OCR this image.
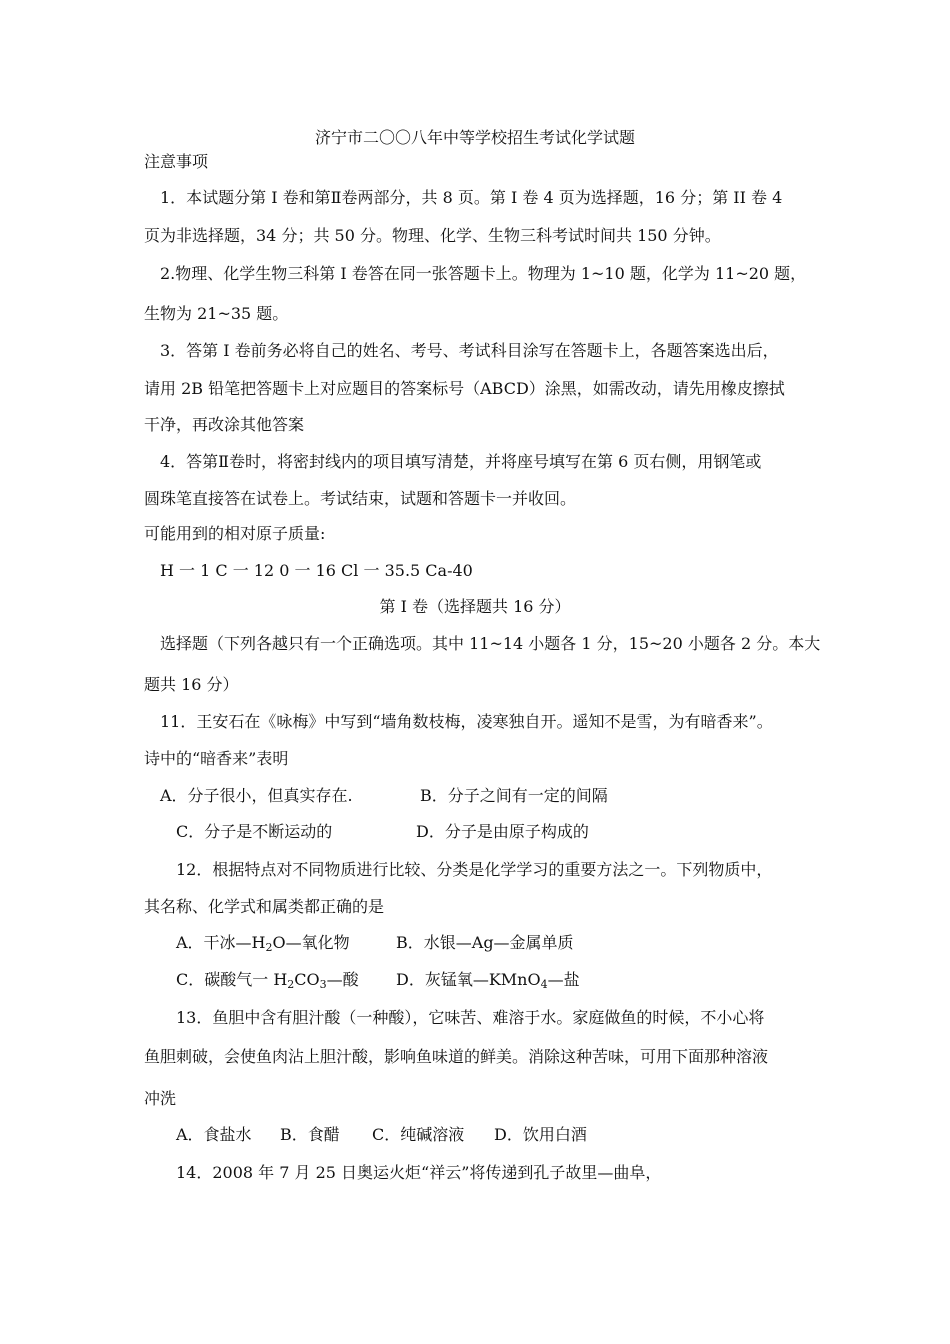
济宁市二〇〇八年中等学校招生考试化学试题
注意事项
1．本试题分第 I 卷和第Ⅱ卷两部分，共 8 页。第 I 卷 4 页为选择题，16 分；第 II 卷 4
页为非选择题，34 分；共 50 分。物理、化学、生物三科考试时间共 150 分钟。
2.物理、化学生物三科第 I 卷答在同一张答题卡上。物理为 1~10 题，化学为 11~20 题，
生物为 21~35 题。
3．答第 I 卷前务必将自己的姓名、考号、考试科目涂写在答题卡上，各题答案选出后，
请用 2B 铅笔把答题卡上对应题目的答案标号（ABCD）涂黑，如需改动，请先用橡皮擦拭
干净，再改涂其他答案
4．答第Ⅱ卷时，将密封线内的项目填写清楚，并将座号填写在第 6 页右侧，用钢笔或
圆珠笔直接答在试卷上。考试结束，试题和答题卡一并收回。
可能用到的相对原子质量:
H 一 1 C 一 12 0 一 16 Cl 一 35.5 Ca-40
第 I 卷（选择题共 16 分）
选择题（下列各越只有一个正确选项。其中 11~14 小题各 1 分，15~20 小题各 2 分。本大
题共 16 分）
11．王安石在《咏梅》中写到“墙角数枝梅，凌寒独自开。遥知不是雪，为有暗香来”。
诗中的“暗香来”表明
A．分子很小，但真实存在.	B．分子之间有一定的间隔
C．分子是不断运动的	D．分子是由原子构成的
12．根据特点对不同物质进行比较、分类是化学学习的重要方法之一。下列物质中，
其名称、化学式和属类都正确的是
A．干冰$—H_2O—$氧化物	B．水银—Ag—金属单质
C．碳酸气一 $H_2CO_3—$酸 D．灰锰氧—KMnO$_4$—盐
13．鱼胆中含有胆汁酸（一种酸），它味苦、难溶于水。家庭做鱼的时候，不小心将
鱼胆刺破，会使鱼肉沾上胆汁酸，影响鱼味道的鲜美。消除这种苦味，可用下面那种溶液
冲洗
A．食盐水 B．食醋 C．纯碱溶液 D．饮用白酒
14．2008 年 7 月 25 日奥运火炬“祥云”将传递到孔子故里—曲阜，
